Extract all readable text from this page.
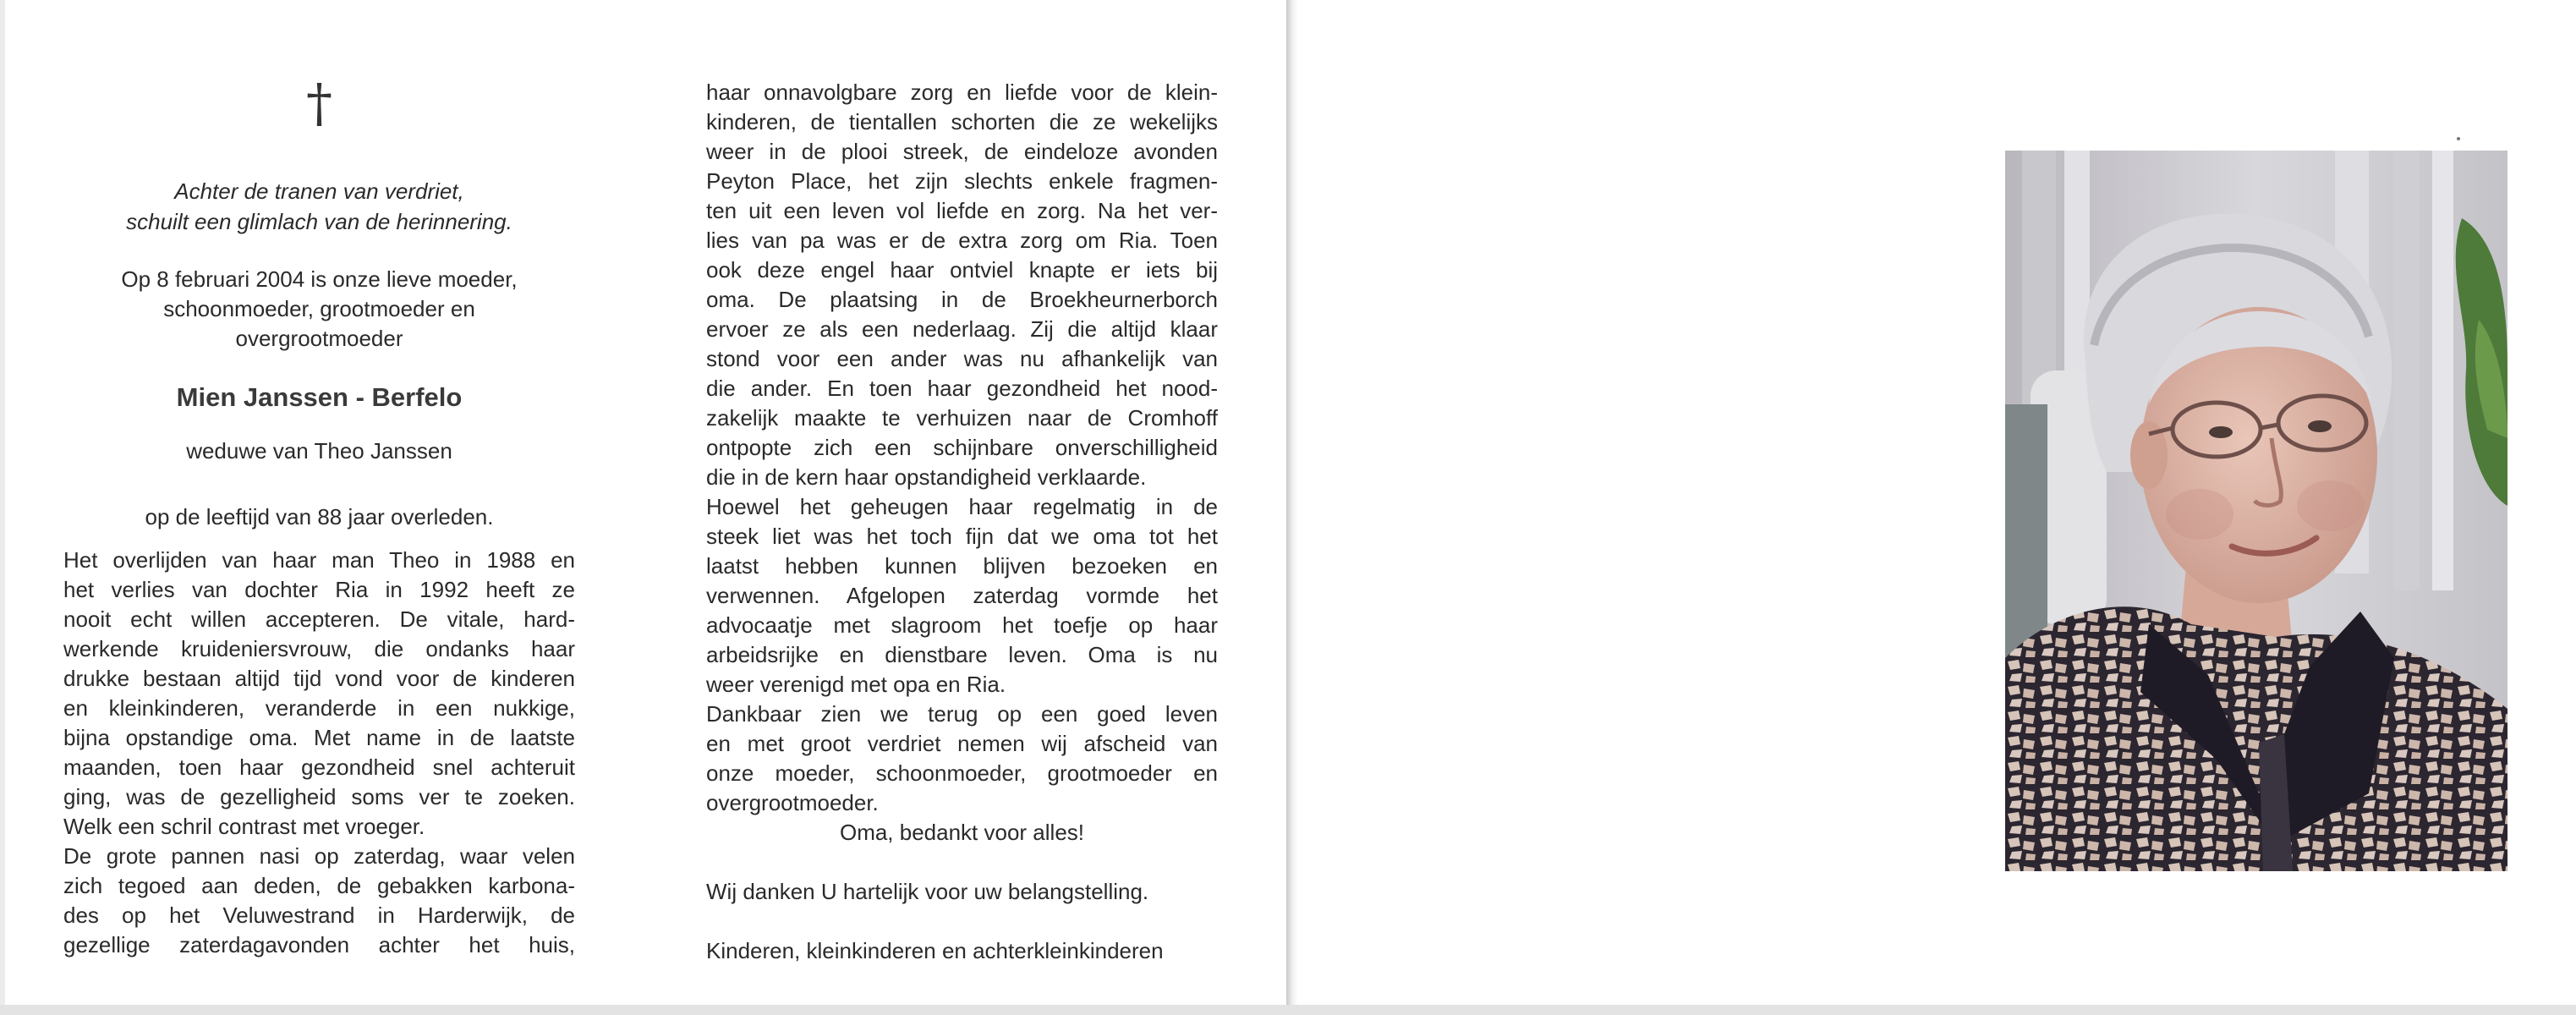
†
Achter de tranen van verdriet,
schuilt een glimlach van de herinnering.
Op 8 februari 2004 is onze lieve moeder,
schoonmoeder, grootmoeder en
overgrootmoeder
Mien Janssen - Berfelo
weduwe van Theo Janssen
op de leeftijd van 88 jaar overleden.
Het overlijden van haar man Theo in 1988 en
het verlies van dochter Ria in 1992 heeft ze
nooit echt willen accepteren. De vitale, hard-
werkende kruideniersvrouw, die ondanks haar
drukke bestaan altijd tijd vond voor de kinderen
en kleinkinderen, veranderde in een nukkige,
bijna opstandige oma. Met name in de laatste
maanden, toen haar gezondheid snel achteruit
ging, was de gezelligheid soms ver te zoeken.
Welk een schril contrast met vroeger.
De grote pannen nasi op zaterdag, waar velen
zich tegoed aan deden, de gebakken karbona-
des op het Veluwestrand in Harderwijk, de
gezellige zaterdagavonden achter het huis,
haar onnavolgbare zorg en liefde voor de klein-
kinderen, de tientallen schorten die ze wekelijks
weer in de plooi streek, de eindeloze avonden
Peyton Place, het zijn slechts enkele fragmen-
ten uit een leven vol liefde en zorg. Na het ver-
lies van pa was er de extra zorg om Ria. Toen
ook deze engel haar ontviel knapte er iets bij
oma. De plaatsing in de Broekheurnerborch
ervoer ze als een nederlaag. Zij die altijd klaar
stond voor een ander was nu afhankelijk van
die ander. En toen haar gezondheid het nood-
zakelijk maakte te verhuizen naar de Cromhoff
ontpopte zich een schijnbare onverschilligheid
die in de kern haar opstandigheid verklaarde.
Hoewel het geheugen haar regelmatig in de
steek liet was het toch fijn dat we oma tot het
laatst hebben kunnen blijven bezoeken en
verwennen. Afgelopen zaterdag vormde het
advocaatje met slagroom het toefje op haar
arbeidsrijke en dienstbare leven. Oma is nu
weer verenigd met opa en Ria.
Dankbaar zien we terug op een goed leven
en met groot verdriet nemen wij afscheid van
onze moeder, schoonmoeder, grootmoeder en
overgrootmoeder.
Oma, bedankt voor alles!
Wij danken U hartelijk voor uw belangstelling.
Kinderen, kleinkinderen en achterkleinkinderen
